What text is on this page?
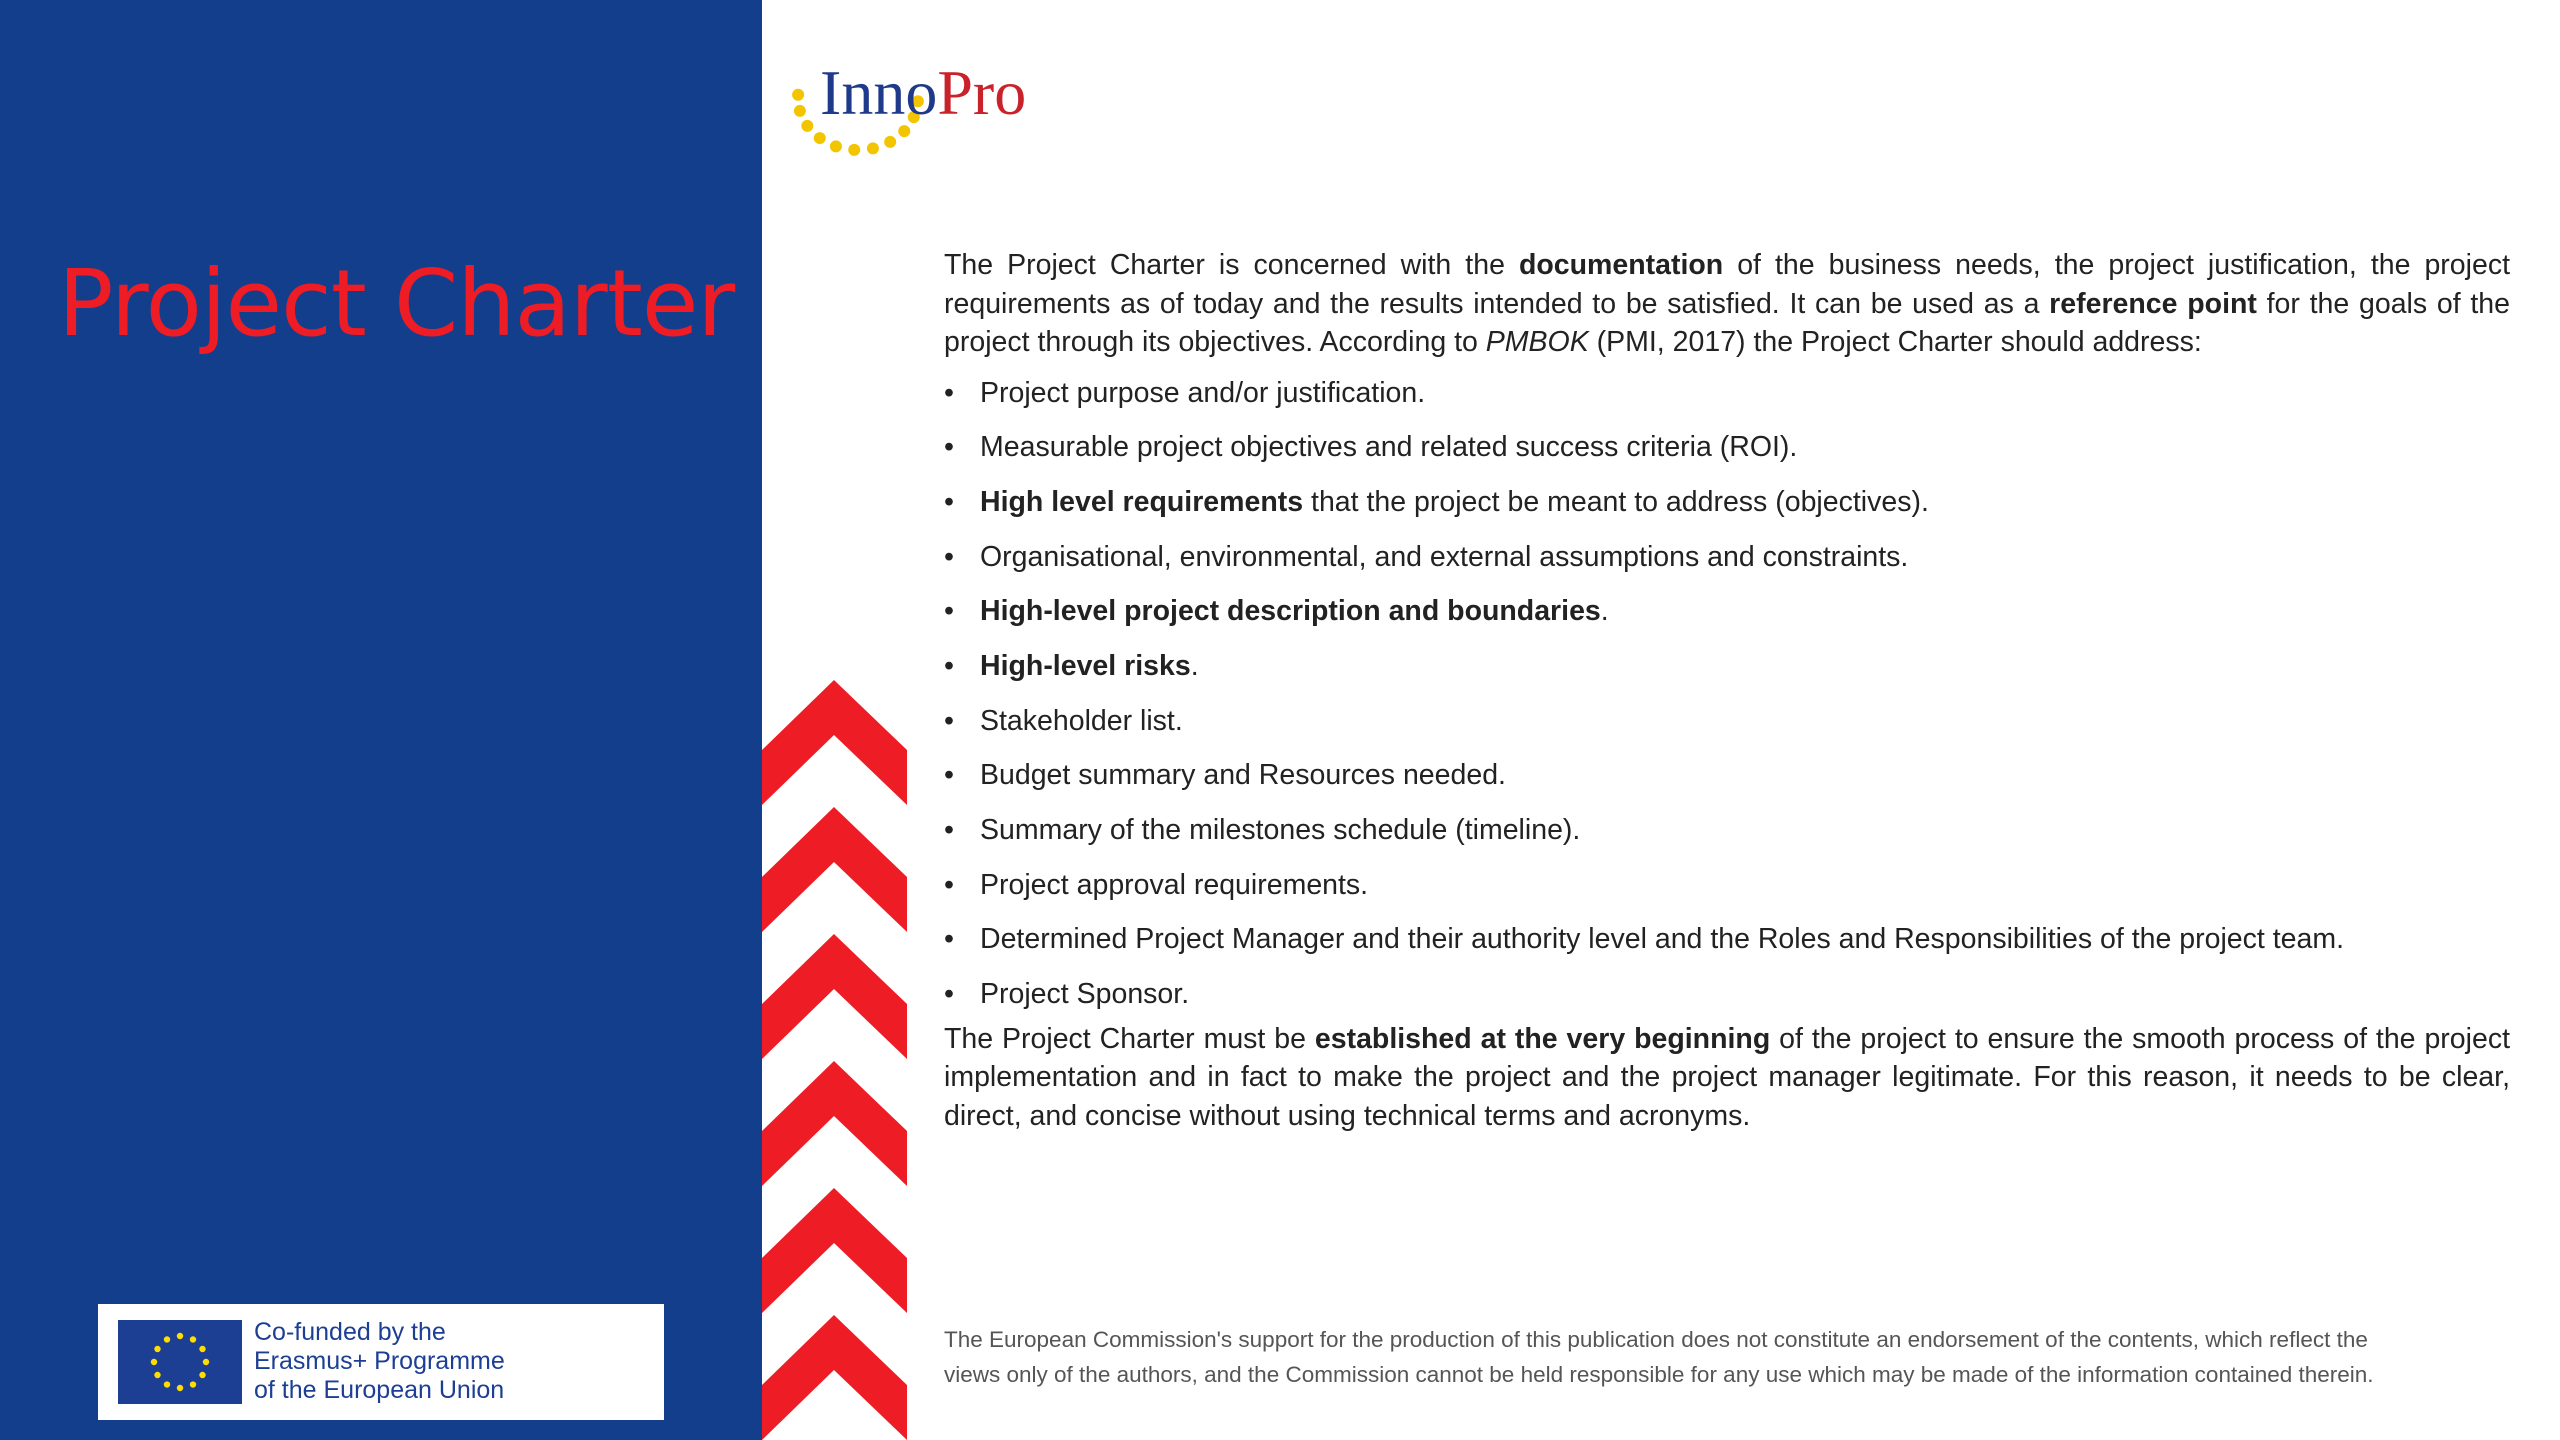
Project Charter
Co-funded by the
Erasmus+ Programme
of the European Union
InnoPro

The Project Charter is concerned with the documentation of the business needs, the project justification, the project requirements as of today and the results intended to be satisfied. It can be used as a reference point for the goals of the project through its objectives. According to PMBOK (PMI, 2017) the Project Charter should address:

• Project purpose and/or justification.
• Measurable project objectives and related success criteria (ROI).
• High level requirements that the project be meant to address (objectives).
• Organisational, environmental, and external assumptions and constraints.
• High-level project description and boundaries.
• High-level risks.
• Stakeholder list.
• Budget summary and Resources needed.
• Summary of the milestones schedule (timeline).
• Project approval requirements.
• Determined Project Manager and their authority level and the Roles and Responsibilities of the project team.
• Project Sponsor.

The Project Charter must be established at the very beginning of the project to ensure the smooth process of the project implementation and in fact to make the project and the project manager legitimate. For this reason, it needs to be clear, direct, and concise without using technical terms and acronyms.

The European Commission's support for the production of this publication does not constitute an endorsement of the contents, which reflect the
views only of the authors, and the Commission cannot be held responsible for any use which may be made of the information contained therein.
